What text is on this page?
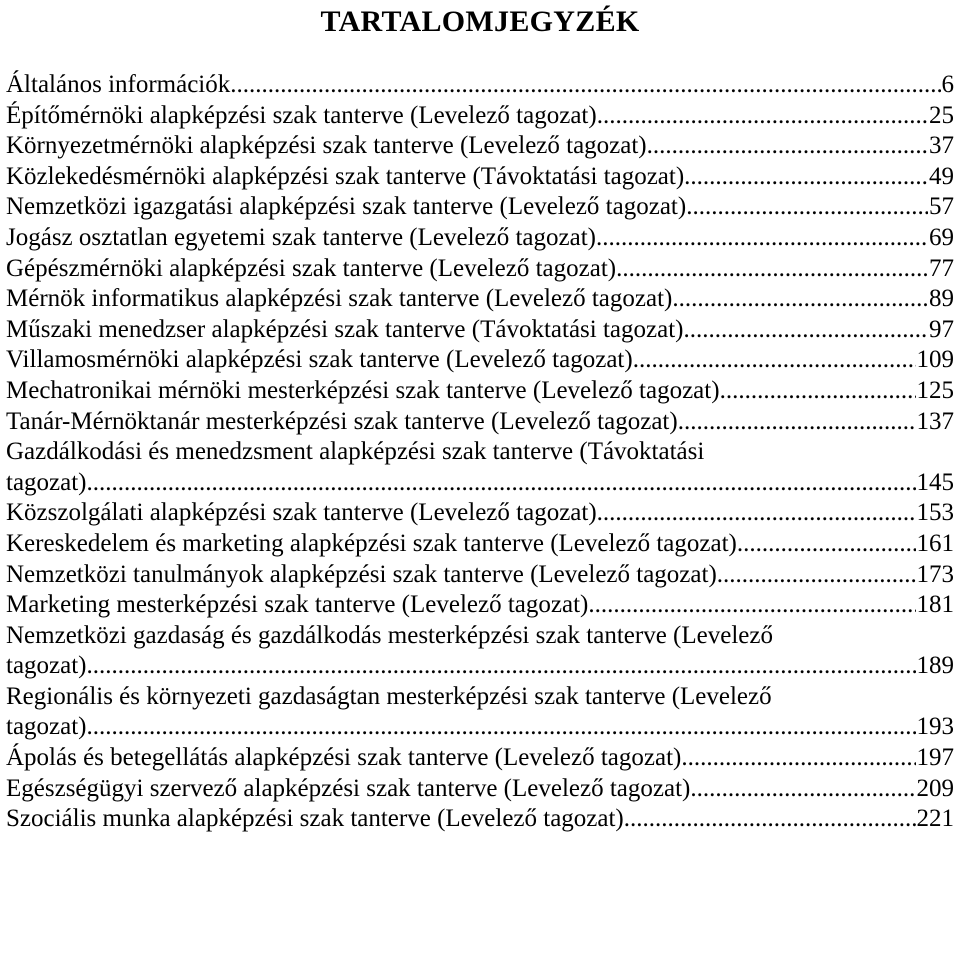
TARTALOMJEGYZÉK
Általános információk .....	6
Építőmérnöki alapképzési szak tanterve (Levelező tagozat) .....	25
Környezetmérnöki alapképzési szak tanterve (Levelező tagozat) .....	37
Közlekedésmérnöki alapképzési szak tanterve (Távoktatási tagozat) .....	49
Nemzetközi igazgatási alapképzési szak tanterve (Levelező tagozat) .....	57
Jogász osztatlan egyetemi szak tanterve (Levelező tagozat) .....	69
Gépészmérnöki alapképzési szak tanterve (Levelező tagozat) .....	77
Mérnök informatikus alapképzési szak tanterve (Levelező tagozat) .....	89
Műszaki menedzser alapképzési szak tanterve (Távoktatási tagozat) .....	97
Villamosmérnöki alapképzési szak tanterve (Levelező tagozat) .....	109
Mechatronikai mérnöki mesterképzési szak tanterve (Levelező tagozat) .....	125
Tanár-Mérnöktanár mesterképzési szak tanterve (Levelező tagozat) .....	137
Gazdálkodási és menedzsment alapképzési szak tanterve (Távoktatási
tagozat) .....	145
Közszolgálati alapképzési szak tanterve (Levelező tagozat) .....	153
Kereskedelem és marketing alapképzési szak tanterve (Levelező tagozat) .....	161
Nemzetközi tanulmányok alapképzési szak tanterve (Levelező tagozat) .....	173
Marketing mesterképzési szak tanterve (Levelező tagozat) .....	181
Nemzetközi gazdaság és gazdálkodás mesterképzési szak tanterve (Levelező
tagozat) .....	189
Regionális és környezeti gazdaságtan mesterképzési szak tanterve (Levelező
tagozat) .....	193
Ápolás és betegellátás alapképzési szak tanterve (Levelező tagozat) .....	197
Egészségügyi szervező alapképzési szak tanterve (Levelező tagozat) .....	209
Szociális munka alapképzési szak tanterve (Levelező tagozat) .....	221
